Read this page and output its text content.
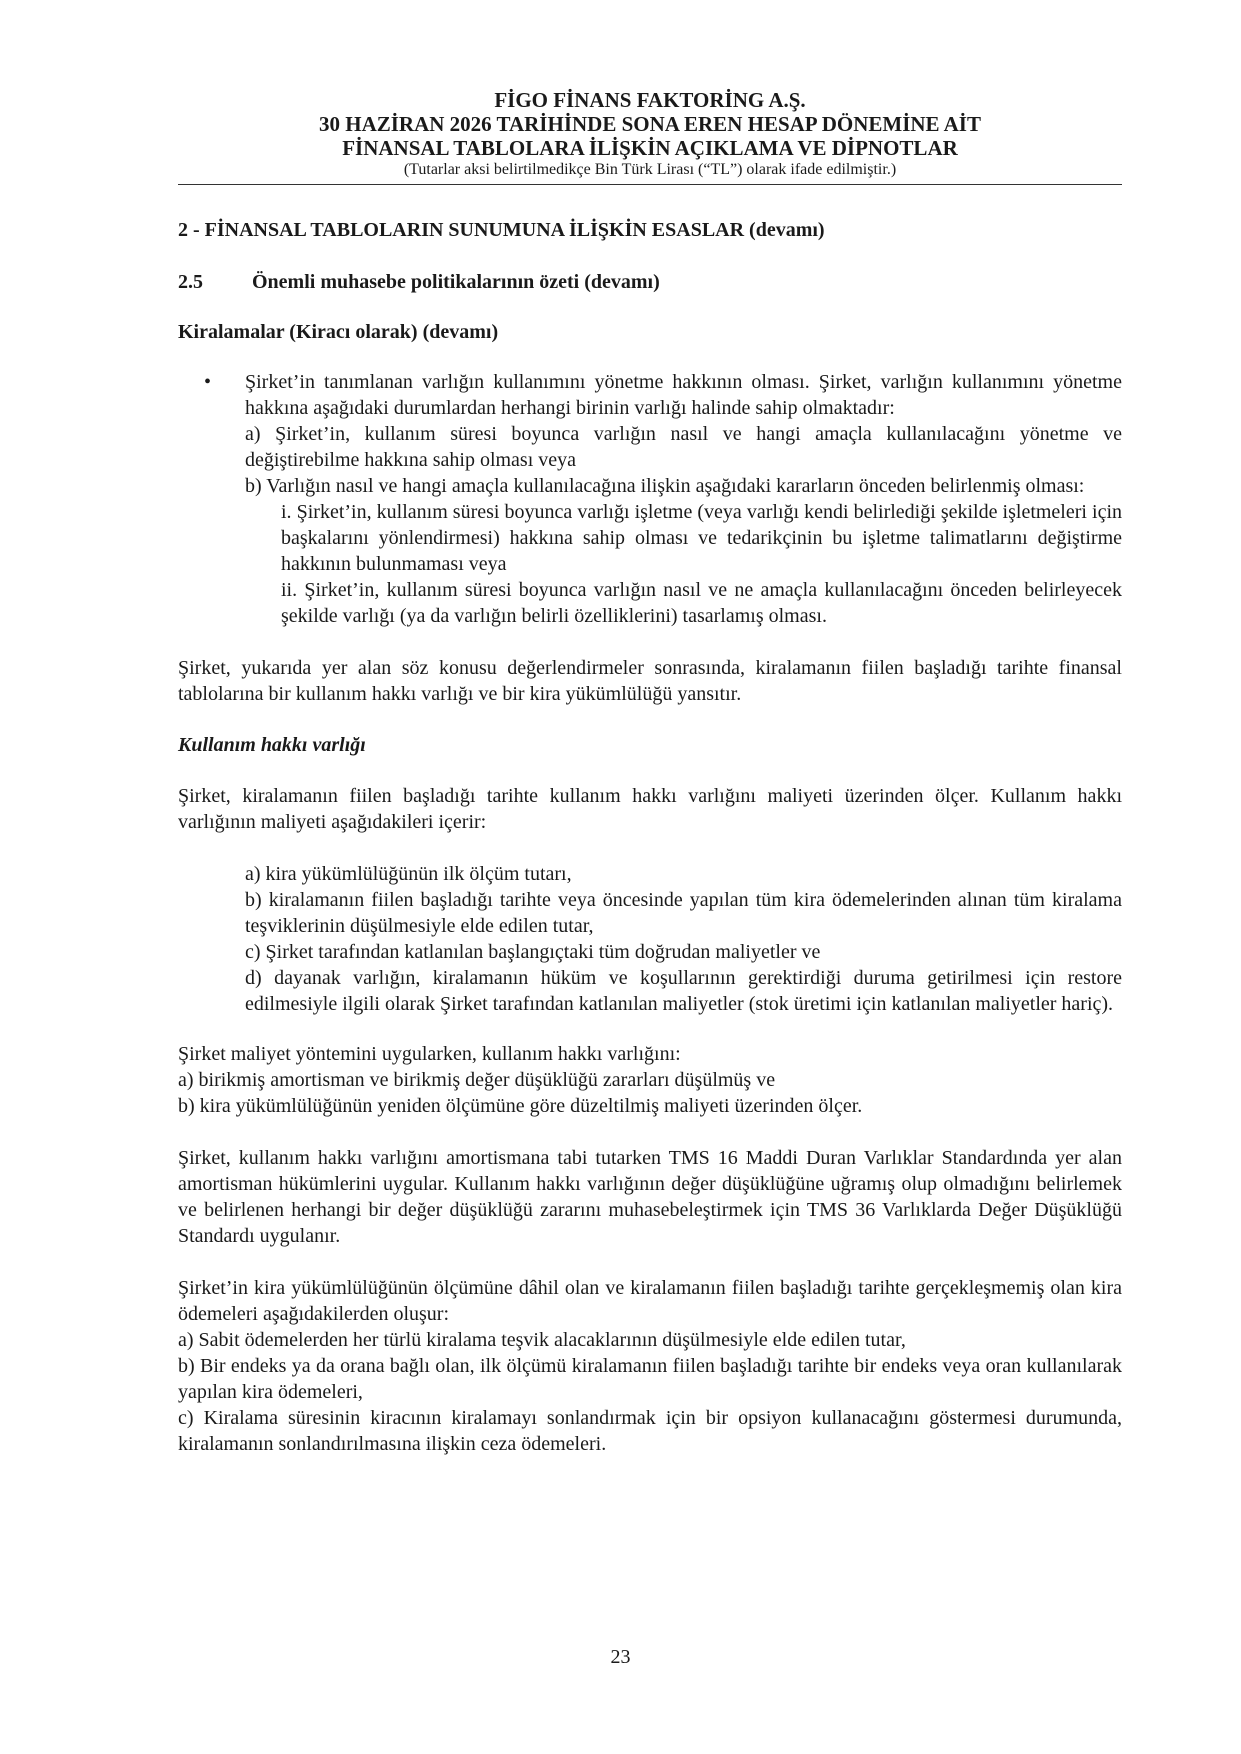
FİGO FİNANS FAKTORİNG A.Ş.
30 HAZİRAN 2026 TARİHİNDE SONA EREN HESAP DÖNEMİNE AİT
FİNANSAL TABLOLARA İLİŞKİN AÇIKLAMA VE DİPNOTLAR
(Tutarlar aksi belirtilmedikçe Bin Türk Lirası (“TL”) olarak ifade edilmiştir.)
2 - FİNANSAL TABLOLARIN SUNUMUNA İLİŞKİN ESASLAR (devamı)
2.5	Önemli muhasebe politikalarının özeti (devamı)
Kiralamalar (Kiracı olarak) (devamı)
• Şirket’in tanımlanan varlığın kullanımını yönetme hakkının olması. Şirket, varlığın kullanımını yönetme hakkına aşağıdaki durumlardan herhangi birinin varlığı halinde sahip olmaktadır:

a) Şirket’in, kullanım süresi boyunca varlığın nasıl ve hangi amaçla kullanılacağını yönetme ve değiştirebilme hakkına sahip olması veya

b) Varlığın nasıl ve hangi amaçla kullanılacağına ilişkin aşağıdaki kararların önceden belirlenmiş olması:

i. Şirket’in, kullanım süresi boyunca varlığı işletme (veya varlığı kendi belirlediği şekilde işletmeleri için başkalarını yönlendirmesi) hakkına sahip olması ve tedarikçinin bu işletme talimatlarını değiştirme hakkının bulunmaması veya

ii. Şirket’in, kullanım süresi boyunca varlığın nasıl ve ne amaçla kullanılacağını önceden belirleyecek şekilde varlığı (ya da varlığın belirli özelliklerini) tasarlamış olması.

Şirket, yukarıda yer alan söz konusu değerlendirmeler sonrasında, kiralamanın fiilen başladığı tarihte finansal tablolarına bir kullanım hakkı varlığı ve bir kira yükümlülüğü yansıtır.

Kullanım hakkı varlığı

Şirket, kiralamanın fiilen başladığı tarihte kullanım hakkı varlığını maliyeti üzerinden ölçer. Kullanım hakkı varlığının maliyeti aşağıdakileri içerir:

a) kira yükümlülüğünün ilk ölçüm tutarı,

b) kiralamanın fiilen başladığı tarihte veya öncesinde yapılan tüm kira ödemelerinden alınan tüm kiralama teşviklerinin düşülmesiyle elde edilen tutar,

c) Şirket tarafından katlanılan başlangıçtaki tüm doğrudan maliyetler ve

d) dayanak varlığın, kiralamanın hüküm ve koşullarının gerektirdiği duruma getirilmesi için restore edilmesiyle ilgili olarak Şirket tarafından katlanılan maliyetler (stok üretimi için katlanılan maliyetler hariç).

Şirket maliyet yöntemini uygularken, kullanım hakkı varlığını:

a) birikmiş amortisman ve birikmiş değer düşüklüğü zararları düşülmüş ve

b) kira yükümlülüğünün yeniden ölçümüne göre düzeltilmiş maliyeti üzerinden ölçer.

Şirket, kullanım hakkı varlığını amortismana tabi tutarken TMS 16 Maddi Duran Varlıklar Standardında yer alan amortisman hükümlerini uygular. Kullanım hakkı varlığının değer düşüklüğüne uğramış olup olmadığını belirlemek ve belirlenen herhangi bir değer düşüklüğü zararını muhasebeleştirmek için TMS 36 Varlıklarda Değer Düşüklüğü Standardı uygulanır.

Şirket’in kira yükümlülüğünün ölçümüne dâhil olan ve kiralamanın fiilen başladığı tarihte gerçekleşmemiş olan kira ödemeleri aşağıdakilerden oluşur:

a) Sabit ödemelerden her türlü kiralama teşvik alacaklarının düşülmesiyle elde edilen tutar,

b) Bir endeks ya da orana bağlı olan, ilk ölçümü kiralamanın fiilen başladığı tarihte bir endeks veya oran kullanılarak yapılan kira ödemeleri,

c) Kiralama süresinin kiracının kiralamayı sonlandırmak için bir opsiyon kullanacağını göstermesi durumunda, kiralamanın sonlandırılmasına ilişkin ceza ödemeleri.

23
